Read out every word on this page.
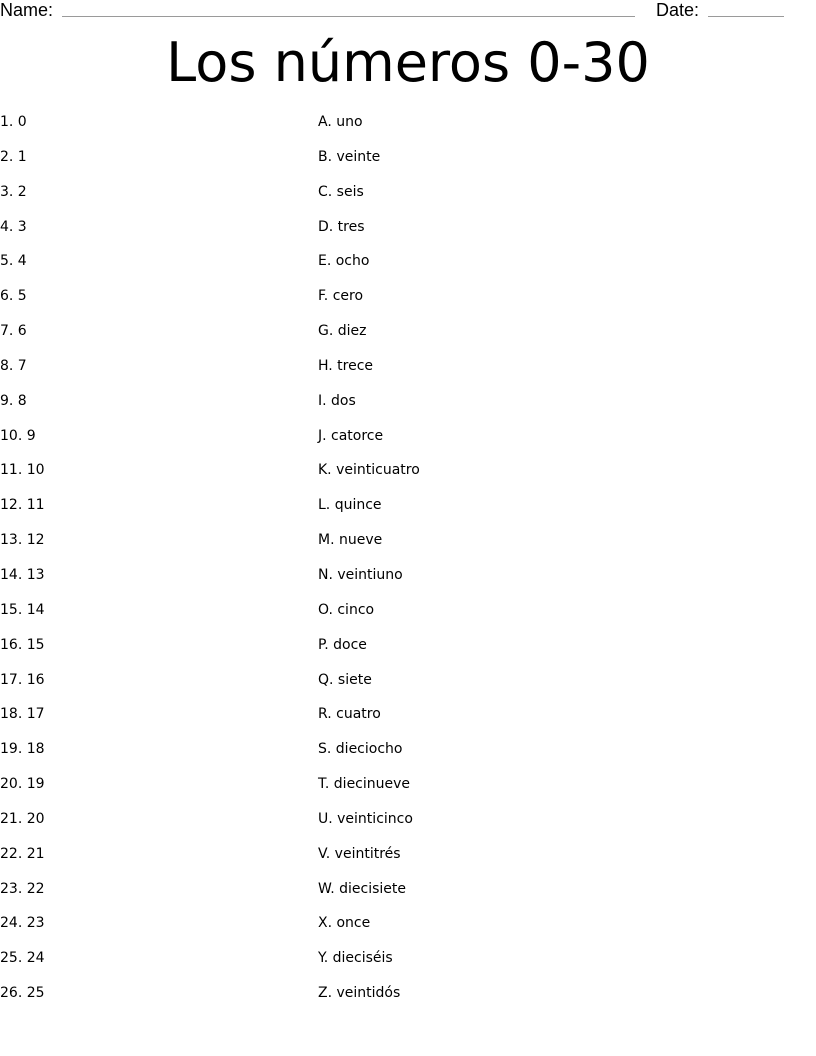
Name:	Date:
Los números 0-30
1. 0	A. uno
2. 1	B. veinte
3. 2	C. seis
4. 3	D. tres
5. 4	E. ocho
6. 5	F. cero
7. 6	G. diez
8. 7	H. trece
9. 8	I. dos
10. 9	J. catorce
11. 10	K. veinticuatro
12. 11	L. quince
13. 12	M. nueve
14. 13	N. veintiuno
15. 14	O. cinco
16. 15	P. doce
17. 16	Q. siete
18. 17	R. cuatro
19. 18	S. dieciocho
20. 19	T. diecinueve
21. 20	U. veinticinco
22. 21	V. veintitrés
23. 22	W. diecisiete
24. 23	X. once
25. 24	Y. dieciséis
26. 25	Z. veintidós
